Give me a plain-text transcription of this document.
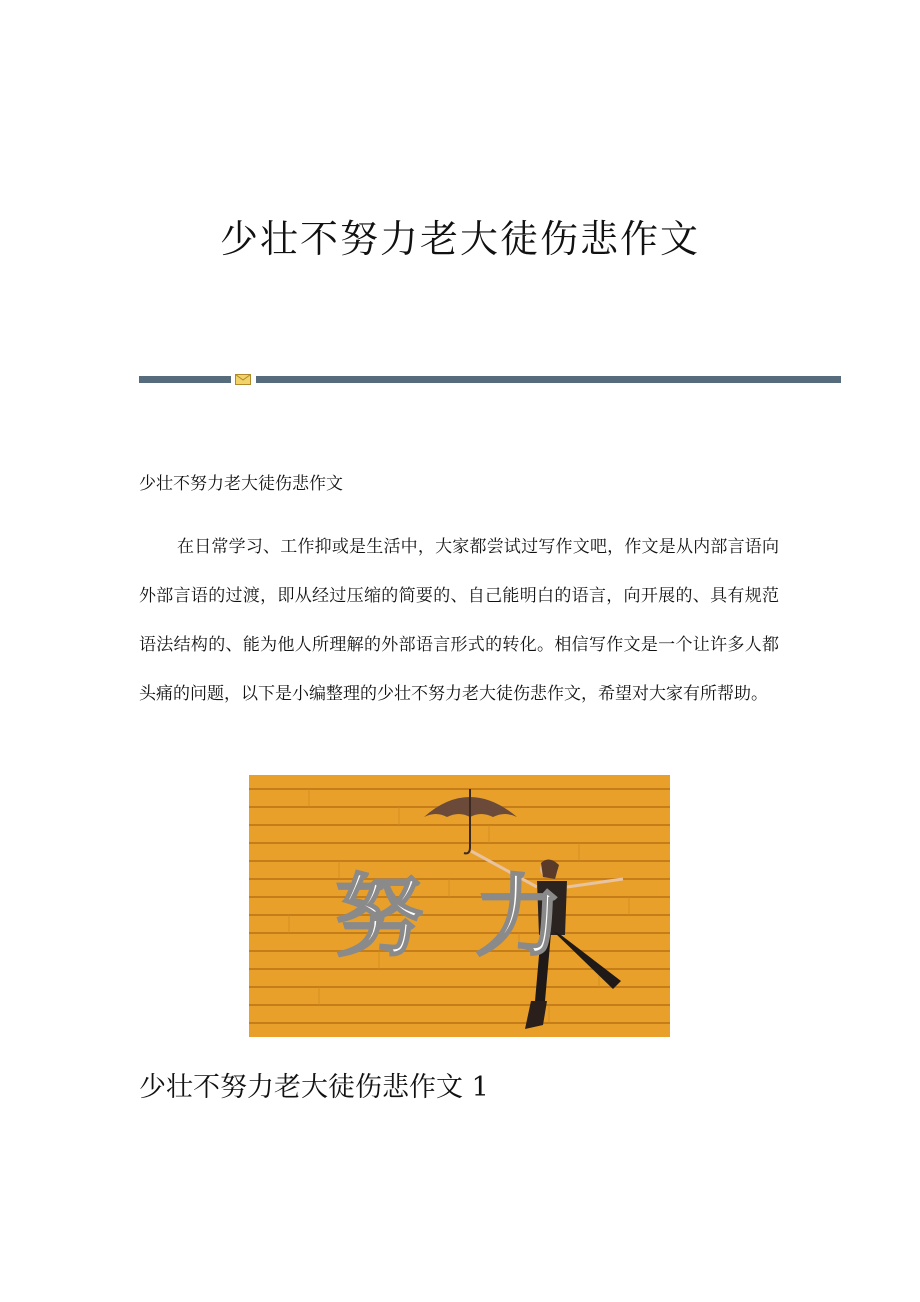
少壮不努力老大徒伤悲作文

少壮不努力老大徒伤悲作文

在日常学习、工作抑或是生活中，大家都尝试过写作文吧，作文是从内部言语向外部言语的过渡，即从经过压缩的简要的、自己能明白的语言，向开展的、具有规范语法结构的、能为他人所理解的外部语言形式的转化。相信写作文是一个让许多人都头痛的问题，以下是小编整理的少壮不努力老大徒伤悲作文，希望对大家有所帮助。

努 力
少壮不努力老大徒伤悲作文 1
